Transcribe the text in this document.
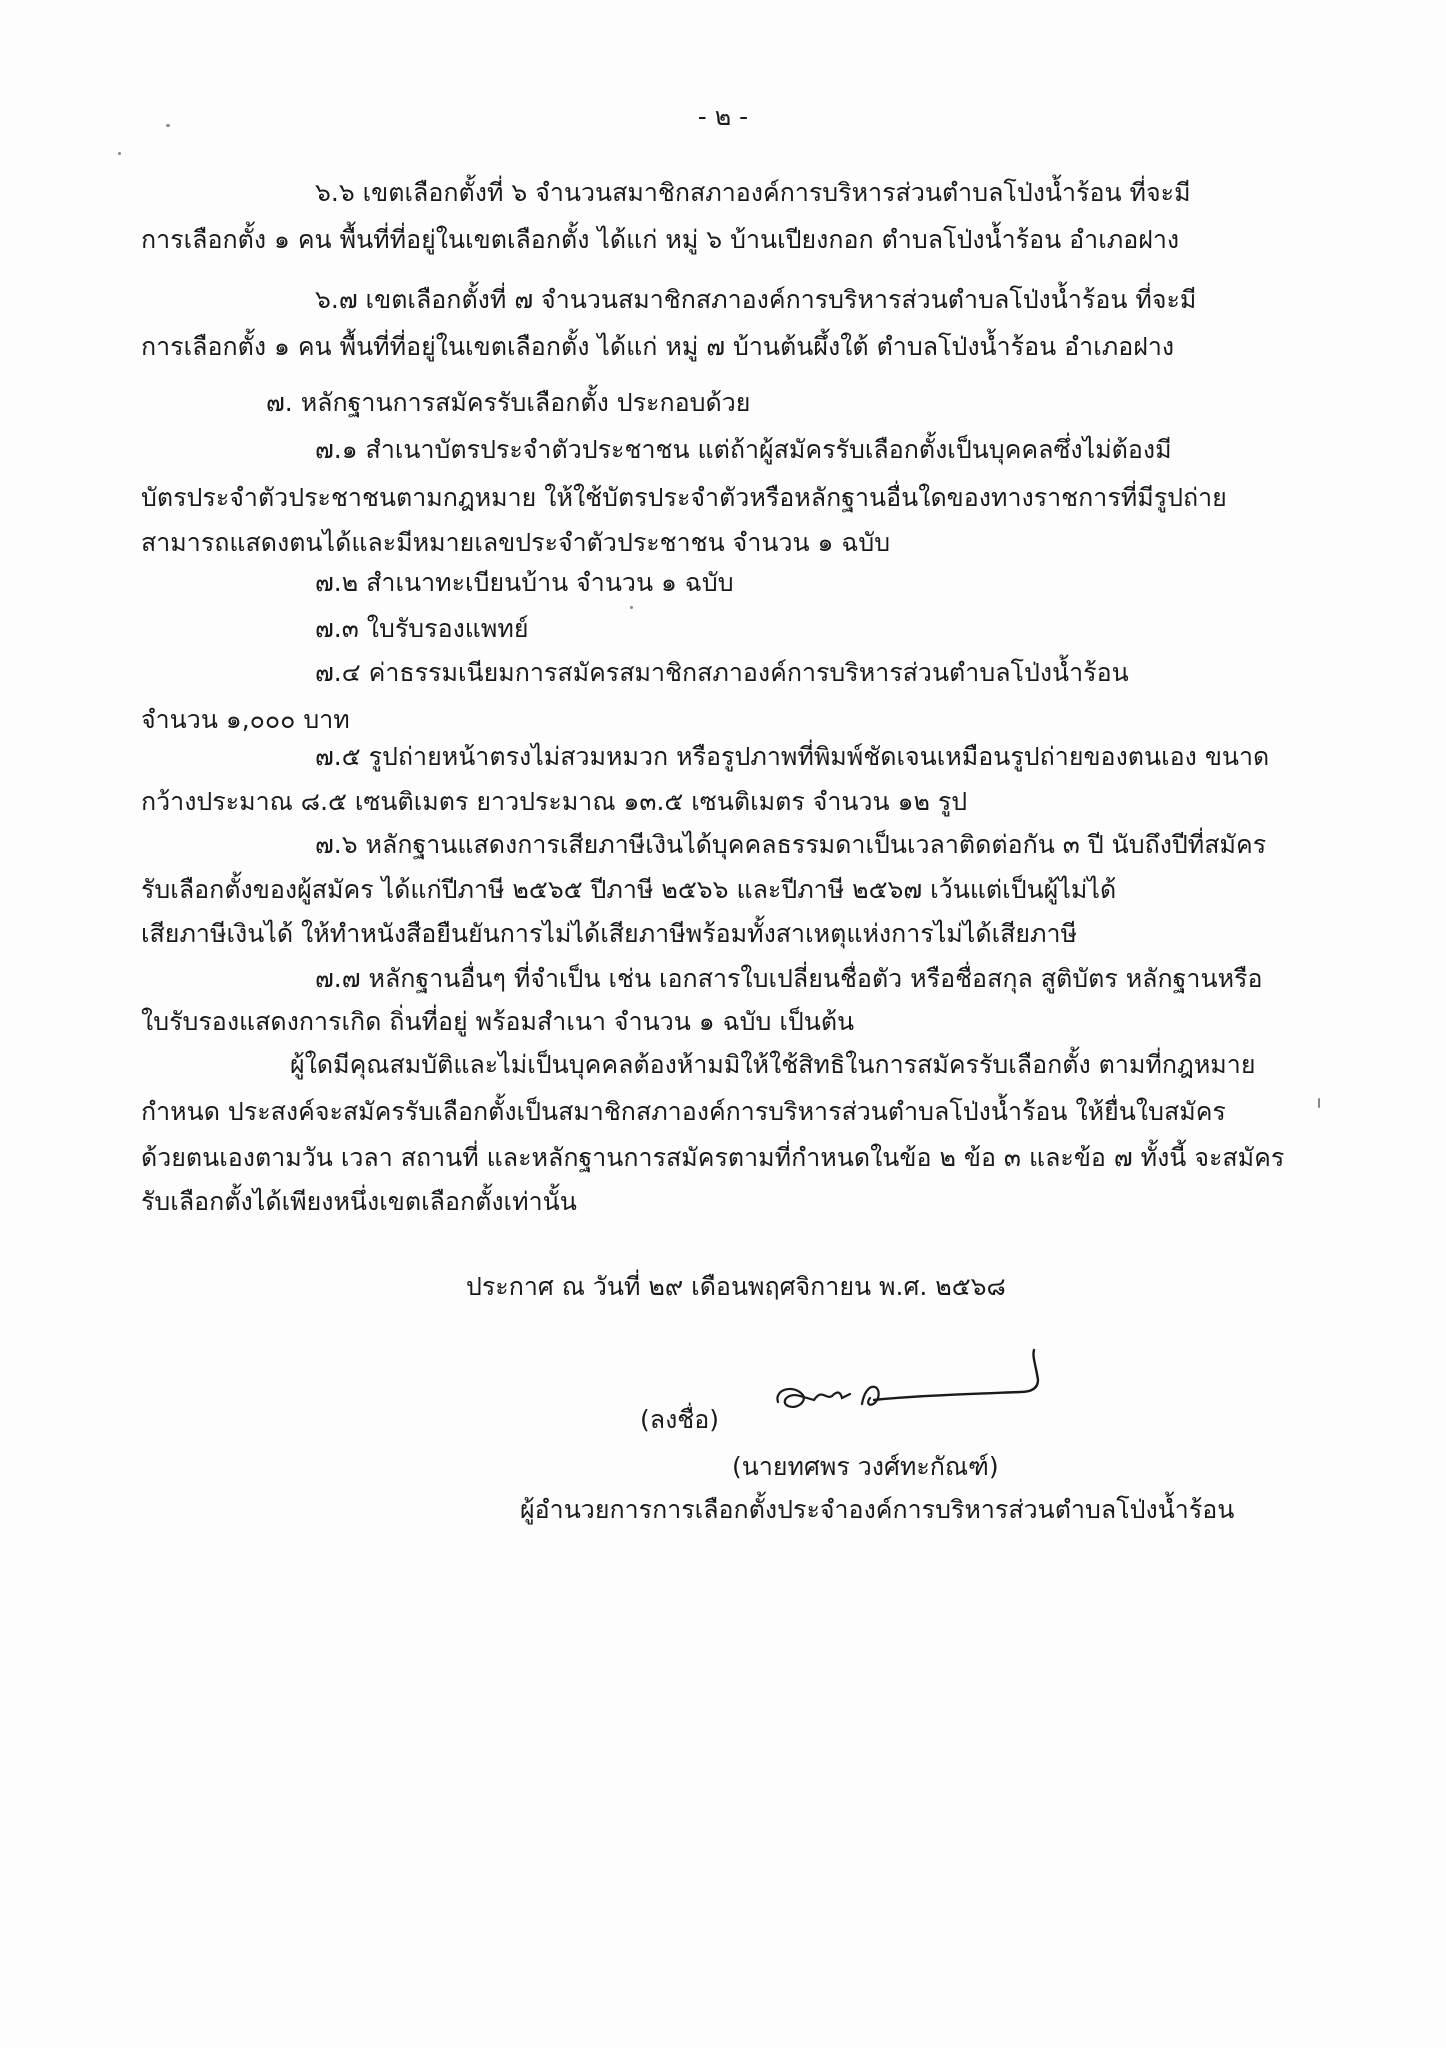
- ๒ -
๖.๖ เขตเลือกตั้งที่ ๖ จำนวนสมาชิกสภาองค์การบริหารส่วนตำบลโป่งน้ำร้อน ที่จะมี
การเลือกตั้ง ๑ คน พื้นที่ที่อยู่ในเขตเลือกตั้ง ได้แก่ หมู่ ๖ บ้านเปียงกอก ตำบลโป่งน้ำร้อน อำเภอฝาง
๖.๗ เขตเลือกตั้งที่ ๗ จำนวนสมาชิกสภาองค์การบริหารส่วนตำบลโป่งน้ำร้อน ที่จะมี
การเลือกตั้ง ๑ คน พื้นที่ที่อยู่ในเขตเลือกตั้ง ได้แก่ หมู่ ๗ บ้านต้นผึ้งใต้ ตำบลโป่งน้ำร้อน อำเภอฝาง
๗. หลักฐานการสมัครรับเลือกตั้ง ประกอบด้วย
๗.๑ สำเนาบัตรประจำตัวประชาชน แต่ถ้าผู้สมัครรับเลือกตั้งเป็นบุคคลซึ่งไม่ต้องมี
บัตรประจำตัวประชาชนตามกฎหมาย ให้ใช้บัตรประจำตัวหรือหลักฐานอื่นใดของทางราชการที่มีรูปถ่าย
สามารถแสดงตนได้และมีหมายเลขประจำตัวประชาชน จำนวน ๑ ฉบับ
๗.๒ สำเนาทะเบียนบ้าน จำนวน ๑ ฉบับ
๗.๓ ใบรับรองแพทย์
๗.๔ ค่าธรรมเนียมการสมัครสมาชิกสภาองค์การบริหารส่วนตำบลโป่งน้ำร้อน
จำนวน ๑,๐๐๐ บาท
๗.๕ รูปถ่ายหน้าตรงไม่สวมหมวก หรือรูปภาพที่พิมพ์ชัดเจนเหมือนรูปถ่ายของตนเอง ขนาด
กว้างประมาณ ๘.๕ เซนติเมตร ยาวประมาณ ๑๓.๕ เซนติเมตร จำนวน ๑๒ รูป
๗.๖ หลักฐานแสดงการเสียภาษีเงินได้บุคคลธรรมดาเป็นเวลาติดต่อกัน ๓ ปี นับถึงปีที่สมัคร
รับเลือกตั้งของผู้สมัคร ได้แก่ปีภาษี ๒๕๖๕ ปีภาษี ๒๕๖๖ และปีภาษี ๒๕๖๗ เว้นแต่เป็นผู้ไม่ได้
เสียภาษีเงินได้ ให้ทำหนังสือยืนยันการไม่ได้เสียภาษีพร้อมทั้งสาเหตุแห่งการไม่ได้เสียภาษี
๗.๗ หลักฐานอื่นๆ ที่จำเป็น เช่น เอกสารใบเปลี่ยนชื่อตัว หรือชื่อสกุล สูติบัตร หลักฐานหรือ
ใบรับรองแสดงการเกิด ถิ่นที่อยู่ พร้อมสำเนา จำนวน ๑ ฉบับ เป็นต้น
ผู้ใดมีคุณสมบัติและไม่เป็นบุคคลต้องห้ามมิให้ใช้สิทธิในการสมัครรับเลือกตั้ง ตามที่กฎหมาย
กำหนด ประสงค์จะสมัครรับเลือกตั้งเป็นสมาชิกสภาองค์การบริหารส่วนตำบลโป่งน้ำร้อน ให้ยื่นใบสมัคร
ด้วยตนเองตามวัน เวลา สถานที่ และหลักฐานการสมัครตามที่กำหนดในข้อ ๒ ข้อ ๓ และข้อ ๗ ทั้งนี้ จะสมัคร
รับเลือกตั้งได้เพียงหนึ่งเขตเลือกตั้งเท่านั้น
ประกาศ ณ วันที่ ๒๙ เดือนพฤศจิกายน พ.ศ. ๒๕๖๘
(ลงชื่อ)
(นายทศพร วงศ์ทะกัณฑ์)
ผู้อำนวยการการเลือกตั้งประจำองค์การบริหารส่วนตำบลโป่งน้ำร้อน
